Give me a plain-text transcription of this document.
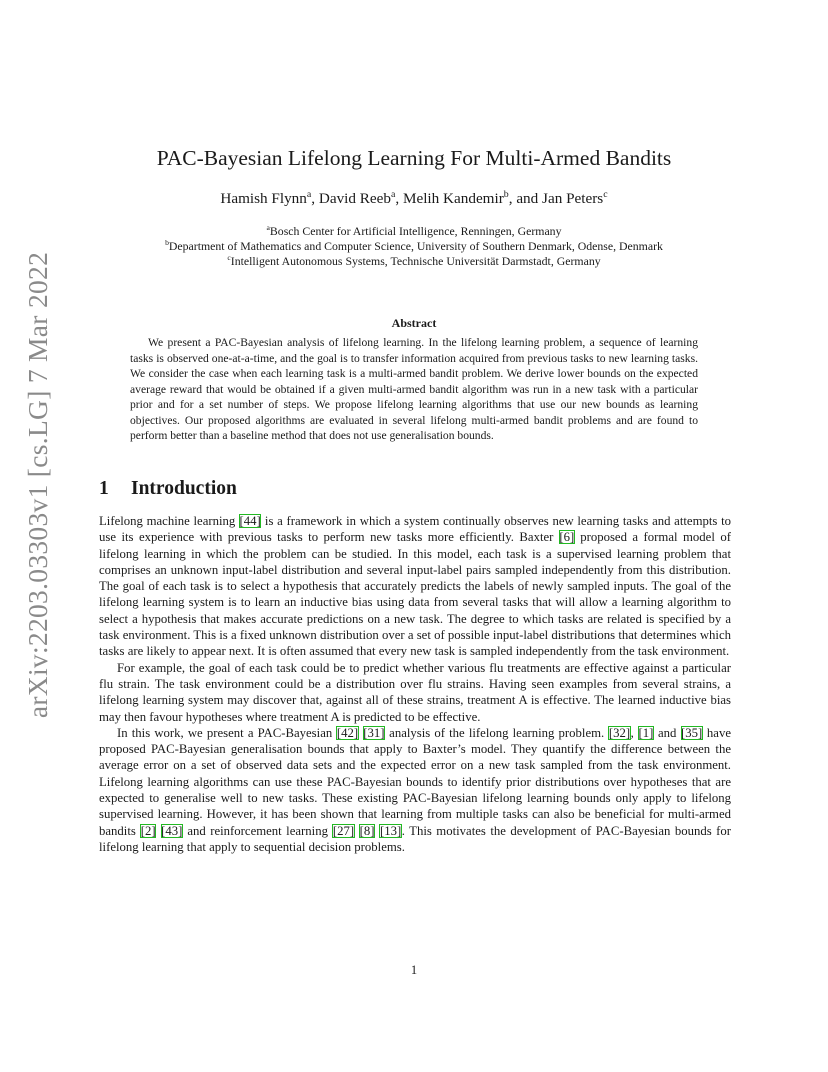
arXiv:2203.03303v1 [cs.LG] 7 Mar 2022
PAC-Bayesian Lifelong Learning For Multi-Armed Bandits
Hamish Flynn$^a$, David Reeb$^a$, Melih Kandemir$^b$, and Jan Peters$^c$
$^a$Bosch Center for Artificial Intelligence, Renningen, Germany
$^b$Department of Mathematics and Computer Science, University of Southern Denmark, Odense, Denmark
$^c$Intelligent Autonomous Systems, Technische Universität Darmstadt, Germany
Abstract

We present a PAC-Bayesian analysis of lifelong learning. In the lifelong learning problem, a sequence of learning tasks is observed one-at-a-time, and the goal is to transfer information acquired from previous tasks to new learning tasks. We consider the case when each learning task is a multi-armed bandit problem. We derive lower bounds on the expected average reward that would be obtained if a given multi-armed bandit algorithm was run in a new task with a particular prior and for a set number of steps. We propose lifelong learning algorithms that use our new bounds as learning objectives. Our proposed algorithms are evaluated in several lifelong multi-armed bandit problems and are found to perform better than a baseline method that does not use generalisation bounds.

1 Introduction

Lifelong machine learning [44] is a framework in which a system continually observes new learning tasks and attempts to use its experience with previous tasks to perform new tasks more efficiently. Baxter [6] proposed a formal model of lifelong learning in which the problem can be studied. In this model, each task is a supervised learning problem that comprises an unknown input-label distribution and several input-label pairs sampled independently from this distribution. The goal of each task is to select a hypothesis that accurately predicts the labels of newly sampled inputs. The goal of the lifelong learning system is to learn an inductive bias using data from several tasks that will allow a learning algorithm to select a hypothesis that makes accurate predictions on a new task. The degree to which tasks are related is specified by a task environment. This is a fixed unknown distribution over a set of possible input-label distributions that determines which tasks are likely to appear next. It is often assumed that every new task is sampled independently from the task environment.

For example, the goal of each task could be to predict whether various flu treatments are effective against a particular flu strain. The task environment could be a distribution over flu strains. Having seen examples from several strains, a lifelong learning system may discover that, against all of these strains, treatment A is effective. The learned inductive bias may then favour hypotheses where treatment A is predicted to be effective.

In this work, we present a PAC-Bayesian [42] [31] analysis of the lifelong learning problem. [32], [1] and [35] have proposed PAC-Bayesian generalisation bounds that apply to Baxter’s model. They quantify the difference between the average error on a set of observed data sets and the expected error on a new task sampled from the task environment. Lifelong learning algorithms can use these PAC-Bayesian bounds to identify prior distributions over hypotheses that are expected to generalise well to new tasks. These existing PAC-Bayesian lifelong learning bounds only apply to lifelong supervised learning. However, it has been shown that learning from multiple tasks can also be beneficial for multi-armed bandits [2] [43] and reinforcement learning [27] [8] [13]. This motivates the development of PAC-Bayesian bounds for lifelong learning that apply to sequential decision problems.

1
